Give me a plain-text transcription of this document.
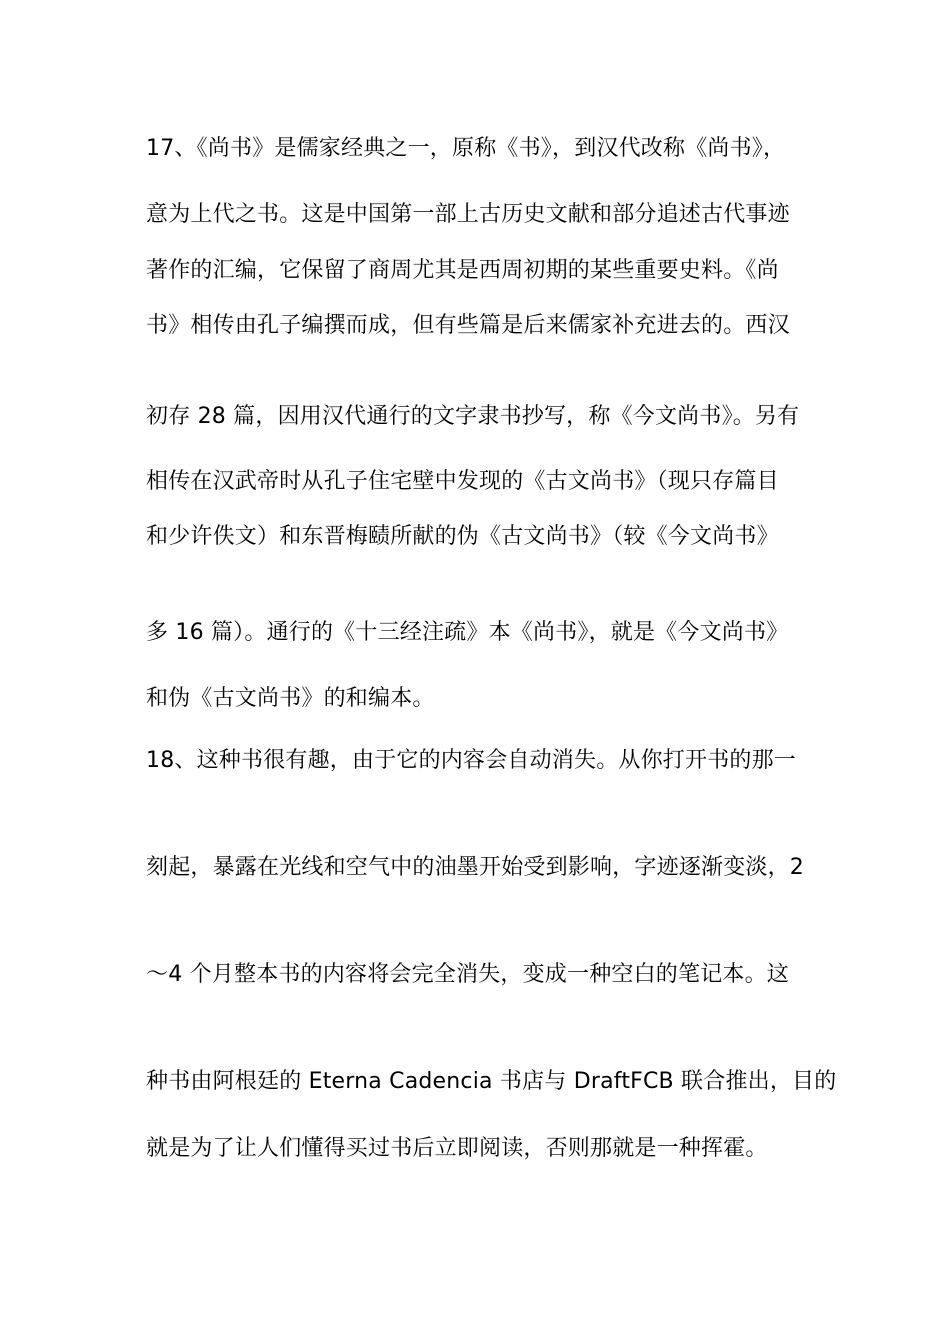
17、《尚书》是儒家经典之一，原称《书》，到汉代改称《尚书》，
意为上代之书。这是中国第一部上古历史文献和部分追述古代事迹
著作的汇编，它保留了商周尤其是西周初期的某些重要史料。《尚
书》相传由孔子编撰而成，但有些篇是后来儒家补充进去的。西汉
初存 28 篇，因用汉代通行的文字隶书抄写，称《今文尚书》。另有
相传在汉武帝时从孔子住宅壁中发现的《古文尚书》（现只存篇目
和少许佚文）和东晋梅赜所献的伪《古文尚书》（较《今文尚书》
多 16 篇）。通行的《十三经注疏》本《尚书》，就是《今文尚书》
和伪《古文尚书》的和编本。
18、这种书很有趣，由于它的内容会自动消失。从你打开书的那一
刻起，暴露在光线和空气中的油墨开始受到影响，字迹逐渐变淡，2
～4 个月整本书的内容将会完全消失，变成一种空白的笔记本。这
种书由阿根廷的 Eterna Cadencia 书店与 DraftFCB 联合推出，目的
就是为了让人们懂得买过书后立即阅读，否则那就是一种挥霍。
